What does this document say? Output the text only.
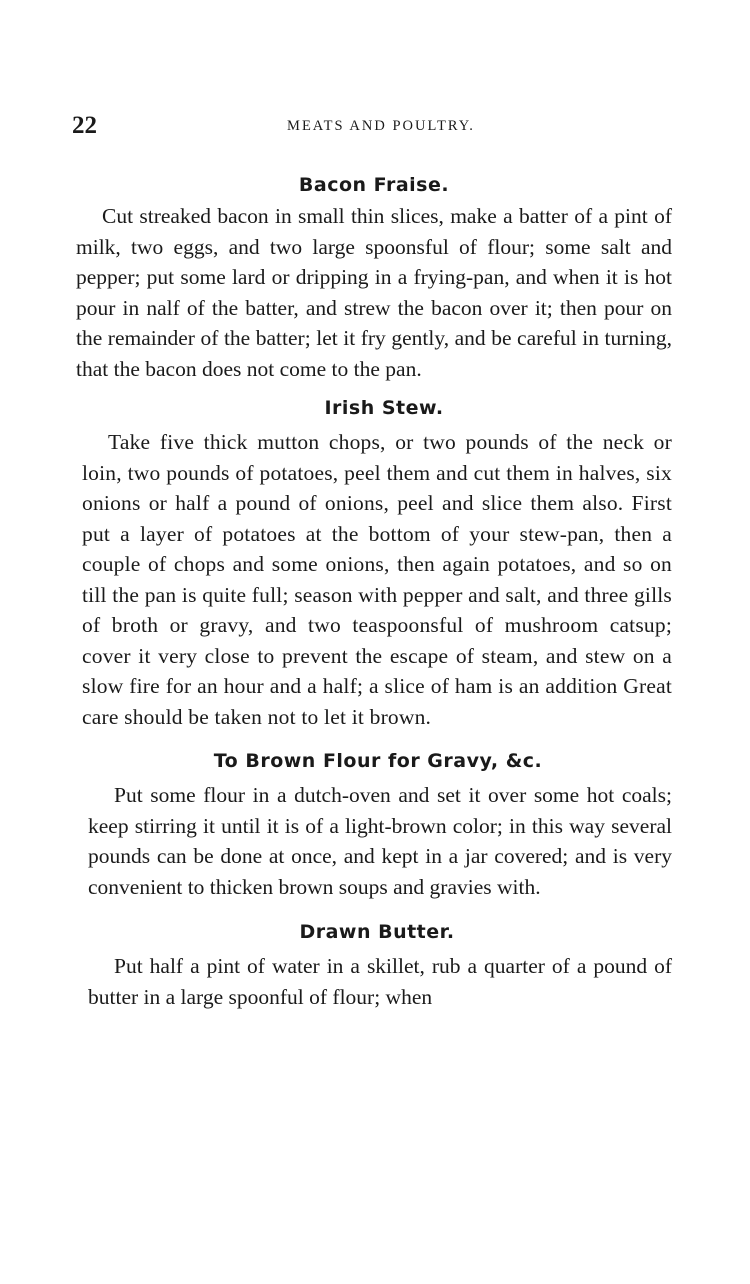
22	MEATS AND POULTRY.
Bacon Fraise.

Cut streaked bacon in small thin slices, make a batter of a pint of milk, two eggs, and two large spoonsful of flour; some salt and pepper; put some lard or dripping in a frying-pan, and when it is hot pour in nalf of the batter, and strew the bacon over it; then pour on the remainder of the batter; let it fry gently, and be careful in turning, that the bacon does not come to the pan.

Irish Stew.

Take five thick mutton chops, or two pounds of the neck or loin, two pounds of potatoes, peel them and cut them in halves, six onions or half a pound of onions, peel and slice them also. First put a layer of potatoes at the bottom of your stew-pan, then a couple of chops and some onions, then again potatoes, and so on till the pan is quite full; season with pepper and salt, and three gills of broth or gravy, and two teaspoonsful of mushroom catsup; cover it very close to prevent the escape of steam, and stew on a slow fire for an hour and a half; a slice of ham is an addition Great care should be taken not to let it brown.

To Brown Flour for Gravy, &c.

Put some flour in a dutch-oven and set it over some hot coals; keep stirring it until it is of a light-brown color; in this way several pounds can be done at once, and kept in a jar covered; and is very convenient to thicken brown soups and gravies with.

Drawn Butter.

Put half a pint of water in a skillet, rub a quarter of a pound of butter in a large spoonful of flour; when
